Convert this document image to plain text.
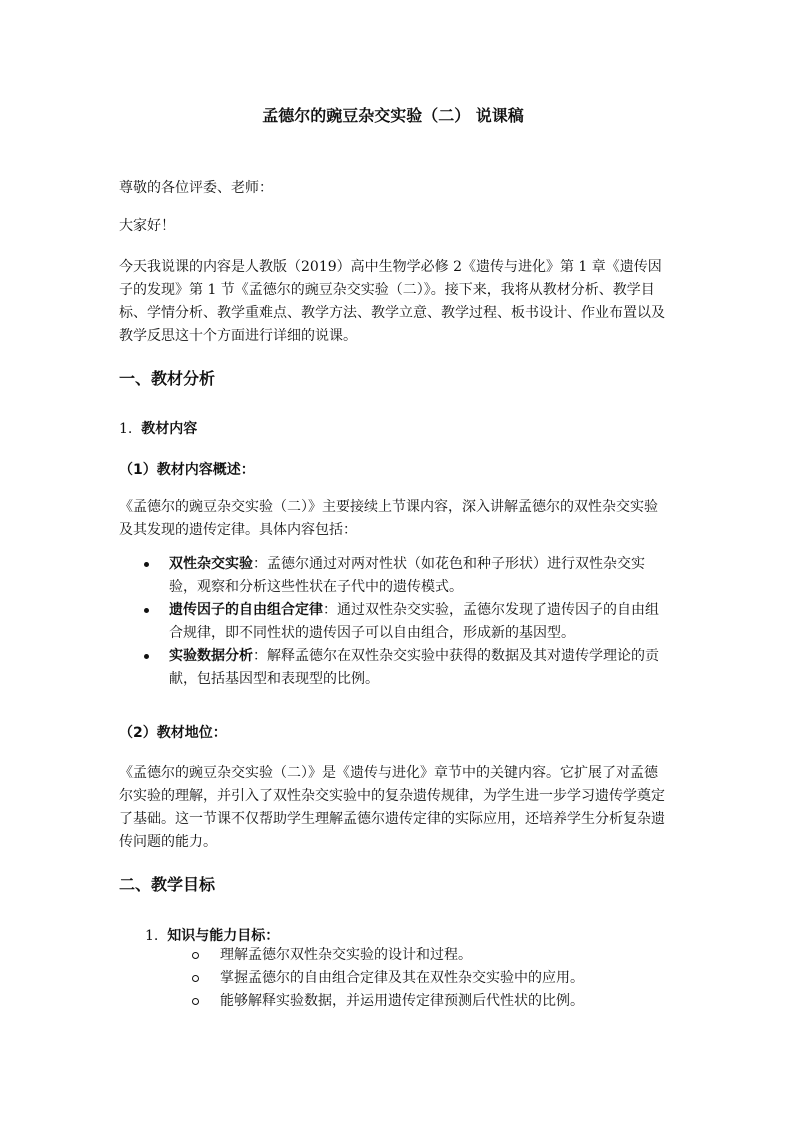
孟德尔的豌豆杂交实验（二） 说课稿

尊敬的各位评委、老师：

大家好！

今天我说课的内容是人教版（2019）高中生物学必修 2《遗传与进化》第 1 章《遗传因子的发现》第 1 节《孟德尔的豌豆杂交实验（二）》。接下来，我将从教材分析、教学目标、学情分析、教学重难点、教学方法、教学立意、教学过程、板书设计、作业布置以及教学反思这十个方面进行详细的说课。

一、教材分析
1. 教材内容
（1）教材内容概述：

《孟德尔的豌豆杂交实验（二）》主要接续上节课内容，深入讲解孟德尔的双性杂交实验及其发现的遗传定律。具体内容包括：

双性杂交实验：孟德尔通过对两对性状（如花色和种子形状）进行双性杂交实验，观察和分析这些性状在子代中的遗传模式。
遗传因子的自由组合定律：通过双性杂交实验，孟德尔发现了遗传因子的自由组合规律，即不同性状的遗传因子可以自由组合，形成新的基因型。
实验数据分析：解释孟德尔在双性杂交实验中获得的数据及其对遗传学理论的贡献，包括基因型和表现型的比例。
（2）教材地位：

《孟德尔的豌豆杂交实验（二）》是《遗传与进化》章节中的关键内容。它扩展了对孟德尔实验的理解，并引入了双性杂交实验中的复杂遗传规律，为学生进一步学习遗传学奠定了基础。这一节课不仅帮助学生理解孟德尔遗传定律的实际应用，还培养学生分析复杂遗传问题的能力。

二、教学目标
1. 知识与能力目标：
理解孟德尔双性杂交实验的设计和过程。
掌握孟德尔的自由组合定律及其在双性杂交实验中的应用。
能够解释实验数据，并运用遗传定律预测后代性状的比例。
